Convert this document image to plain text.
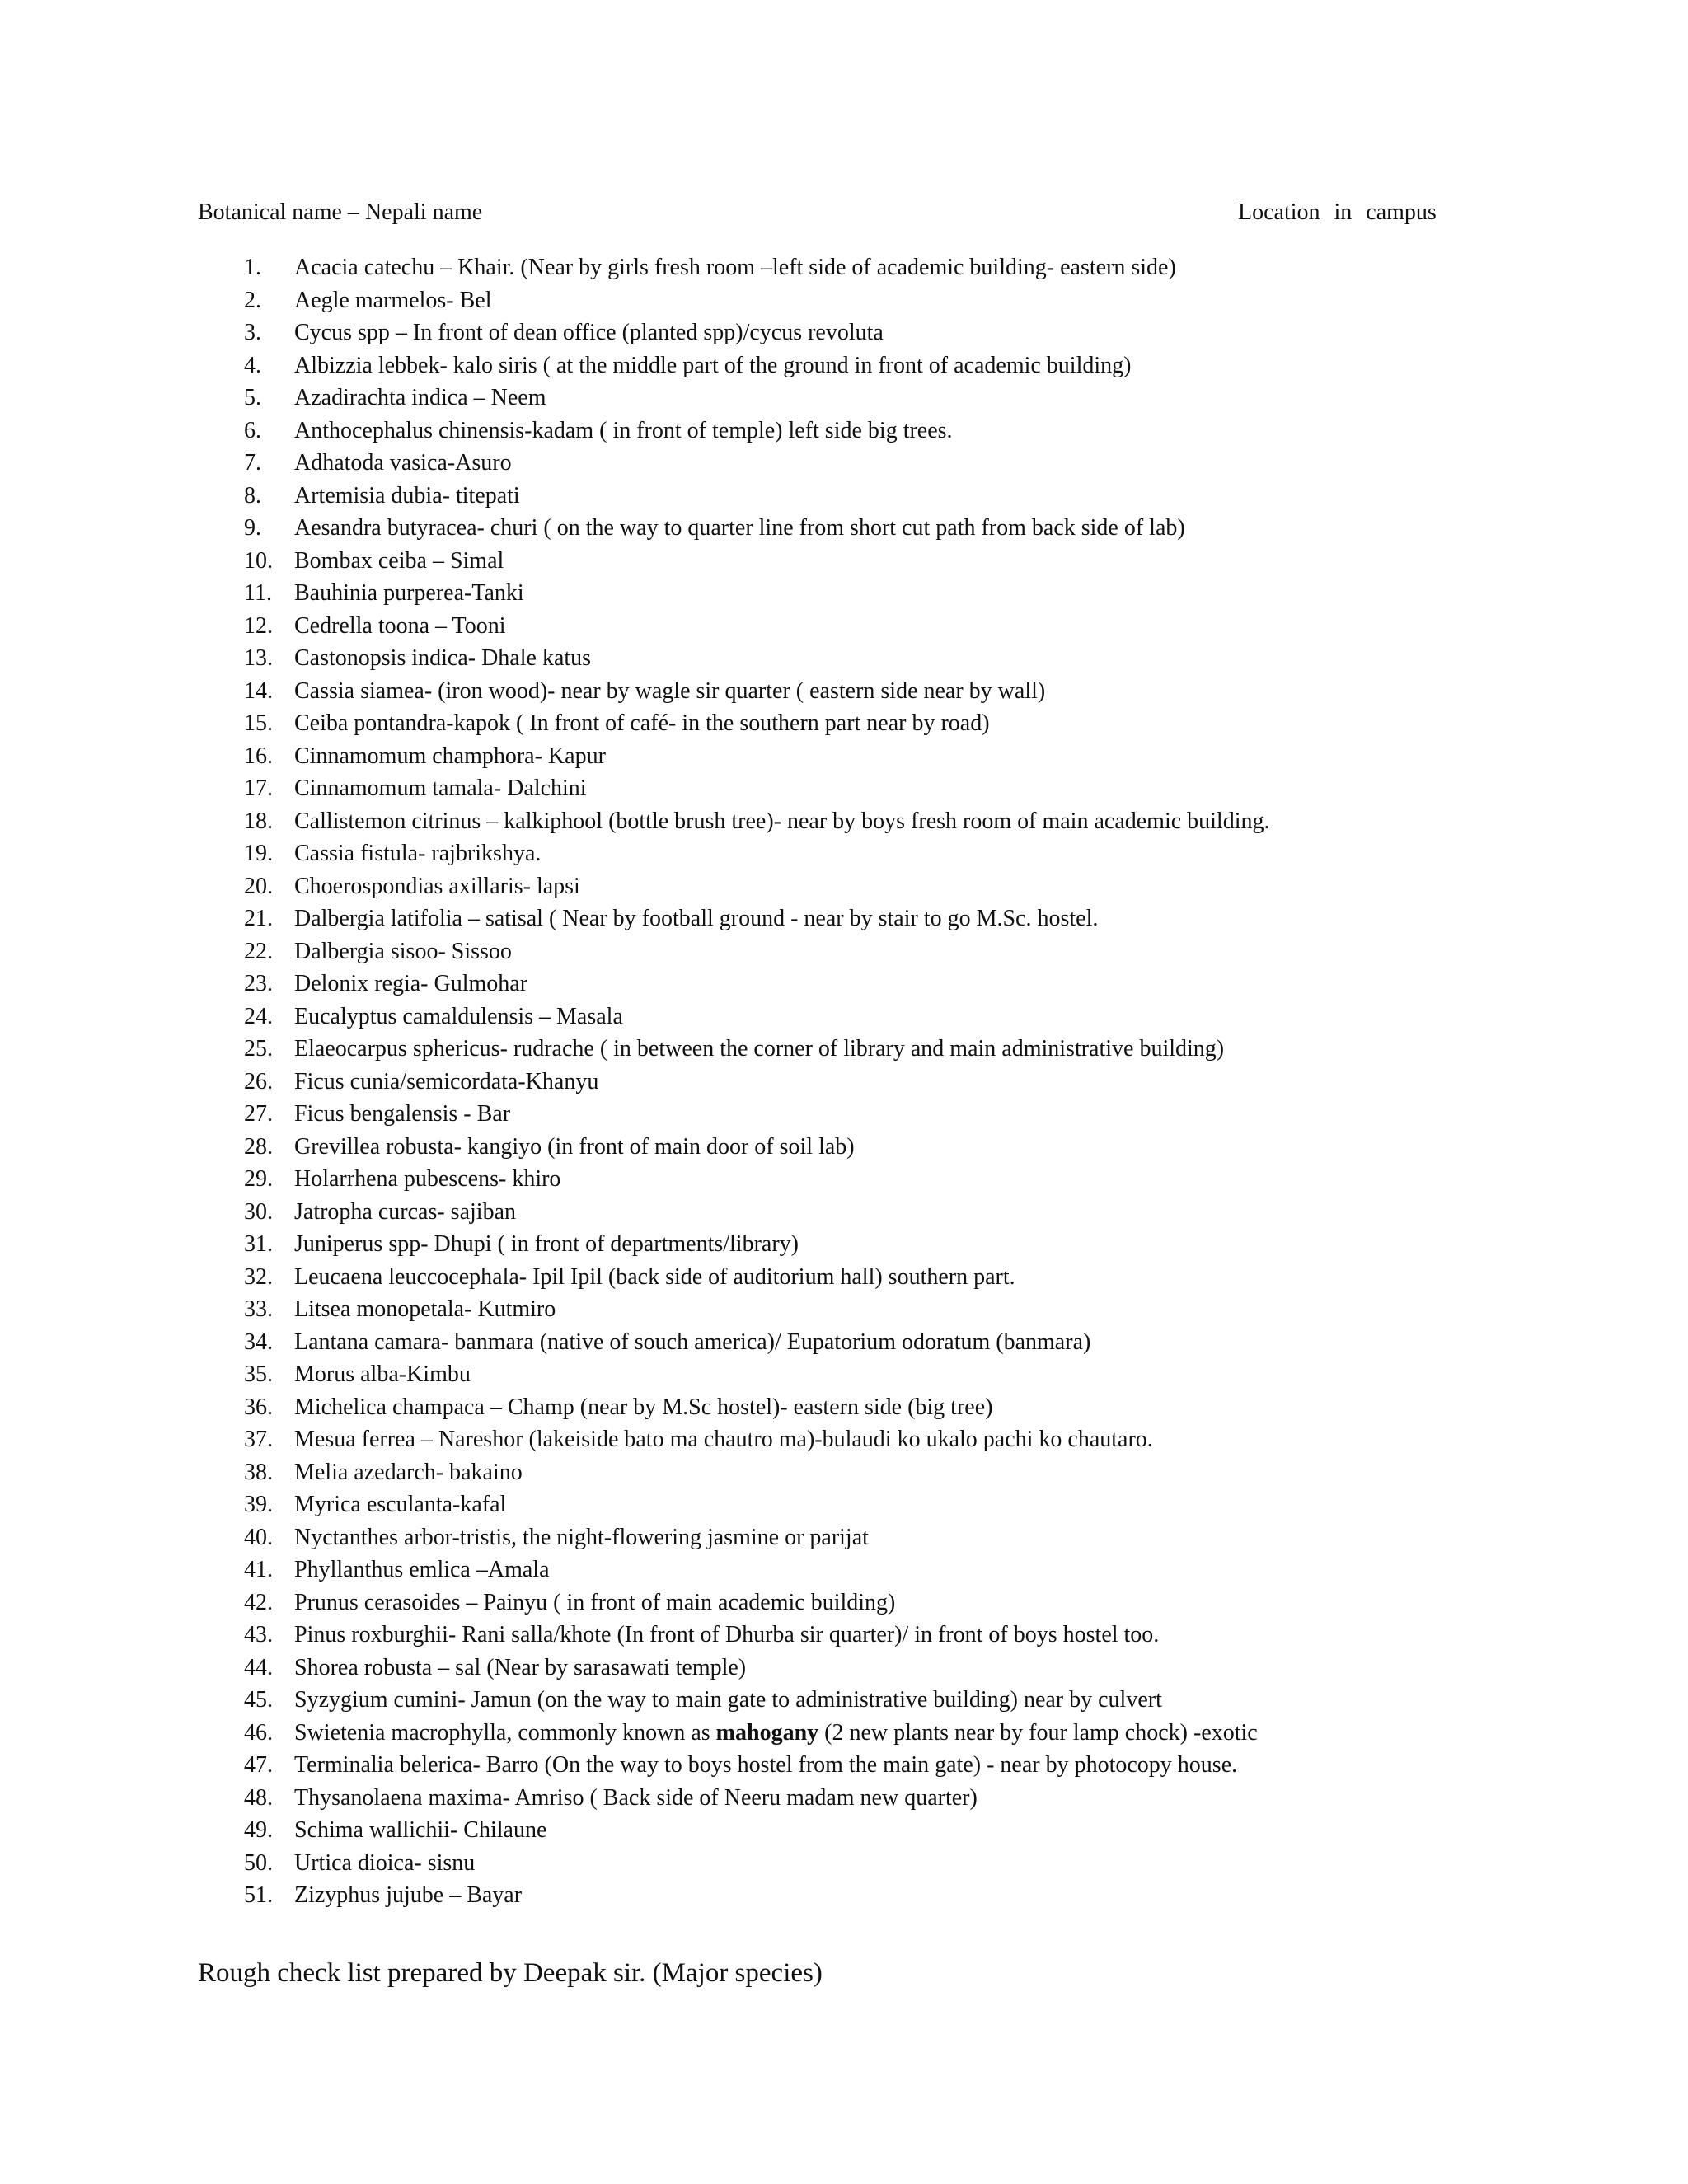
Botanical name – Nepali name	Location in campus
1. Acacia catechu – Khair. (Near by girls fresh room –left side of academic building- eastern side)
2. Aegle marmelos- Bel
3. Cycus spp – In front of dean office (planted spp)/cycus revoluta
4. Albizzia lebbek- kalo siris ( at the middle part of the ground in front of academic building)
5. Azadirachta indica – Neem
6. Anthocephalus chinensis-kadam ( in front of temple) left side big trees.
7. Adhatoda vasica-Asuro
8. Artemisia dubia- titepati
9. Aesandra butyracea- churi ( on the way to quarter line from short cut path from back side of lab)
10. Bombax ceiba – Simal
11. Bauhinia purperea-Tanki
12. Cedrella toona – Tooni
13. Castonopsis indica- Dhale katus
14. Cassia siamea- (iron wood)- near by wagle sir quarter ( eastern side near by wall)
15. Ceiba pontandra-kapok ( In front of café- in the southern part near by road)
16. Cinnamomum champhora- Kapur
17. Cinnamomum tamala- Dalchini
18. Callistemon citrinus – kalkiphool (bottle brush tree)- near by boys fresh room of main academic building.
19. Cassia fistula- rajbrikshya.
20. Choerospondias axillaris- lapsi
21. Dalbergia latifolia – satisal ( Near by football ground - near by stair to go M.Sc. hostel.
22. Dalbergia sisoo- Sissoo
23. Delonix regia- Gulmohar
24. Eucalyptus camaldulensis – Masala
25. Elaeocarpus sphericus- rudrache ( in between the corner of library and main administrative building)
26. Ficus cunia/semicordata-Khanyu
27. Ficus bengalensis - Bar
28. Grevillea robusta- kangiyo (in front of main door of soil lab)
29. Holarrhena pubescens- khiro
30. Jatropha curcas- sajiban
31. Juniperus spp- Dhupi ( in front of departments/library)
32. Leucaena leuccocephala- Ipil Ipil (back side of auditorium hall) southern part.
33. Litsea monopetala- Kutmiro
34. Lantana camara- banmara (native of souch america)/ Eupatorium odoratum (banmara)
35. Morus alba-Kimbu
36. Michelica champaca – Champ (near by M.Sc hostel)- eastern side (big tree)
37. Mesua ferrea – Nareshor (lakeiside bato ma chautro ma)-bulaudi ko ukalo pachi ko chautaro.
38. Melia azedarch- bakaino
39. Myrica esculanta-kafal
40. Nyctanthes arbor-tristis, the night-flowering jasmine or parijat
41. Phyllanthus emlica –Amala
42. Prunus cerasoides – Painyu ( in front of main academic building)
43. Pinus roxburghii- Rani salla/khote (In front of Dhurba sir quarter)/ in front of boys hostel too.
44. Shorea robusta – sal (Near by sarasawati temple)
45. Syzygium cumini- Jamun (on the way to main gate to administrative building) near by culvert
46. Swietenia macrophylla, commonly known as mahogany (2 new plants near by four lamp chock) -exotic
47. Terminalia belerica- Barro (On the way to boys hostel from the main gate) - near by photocopy house.
48. Thysanolaena maxima- Amriso ( Back side of Neeru madam new quarter)
49. Schima wallichii- Chilaune
50. Urtica dioica- sisnu
51. Zizyphus jujube – Bayar
Rough check list prepared by Deepak sir. (Major species)
